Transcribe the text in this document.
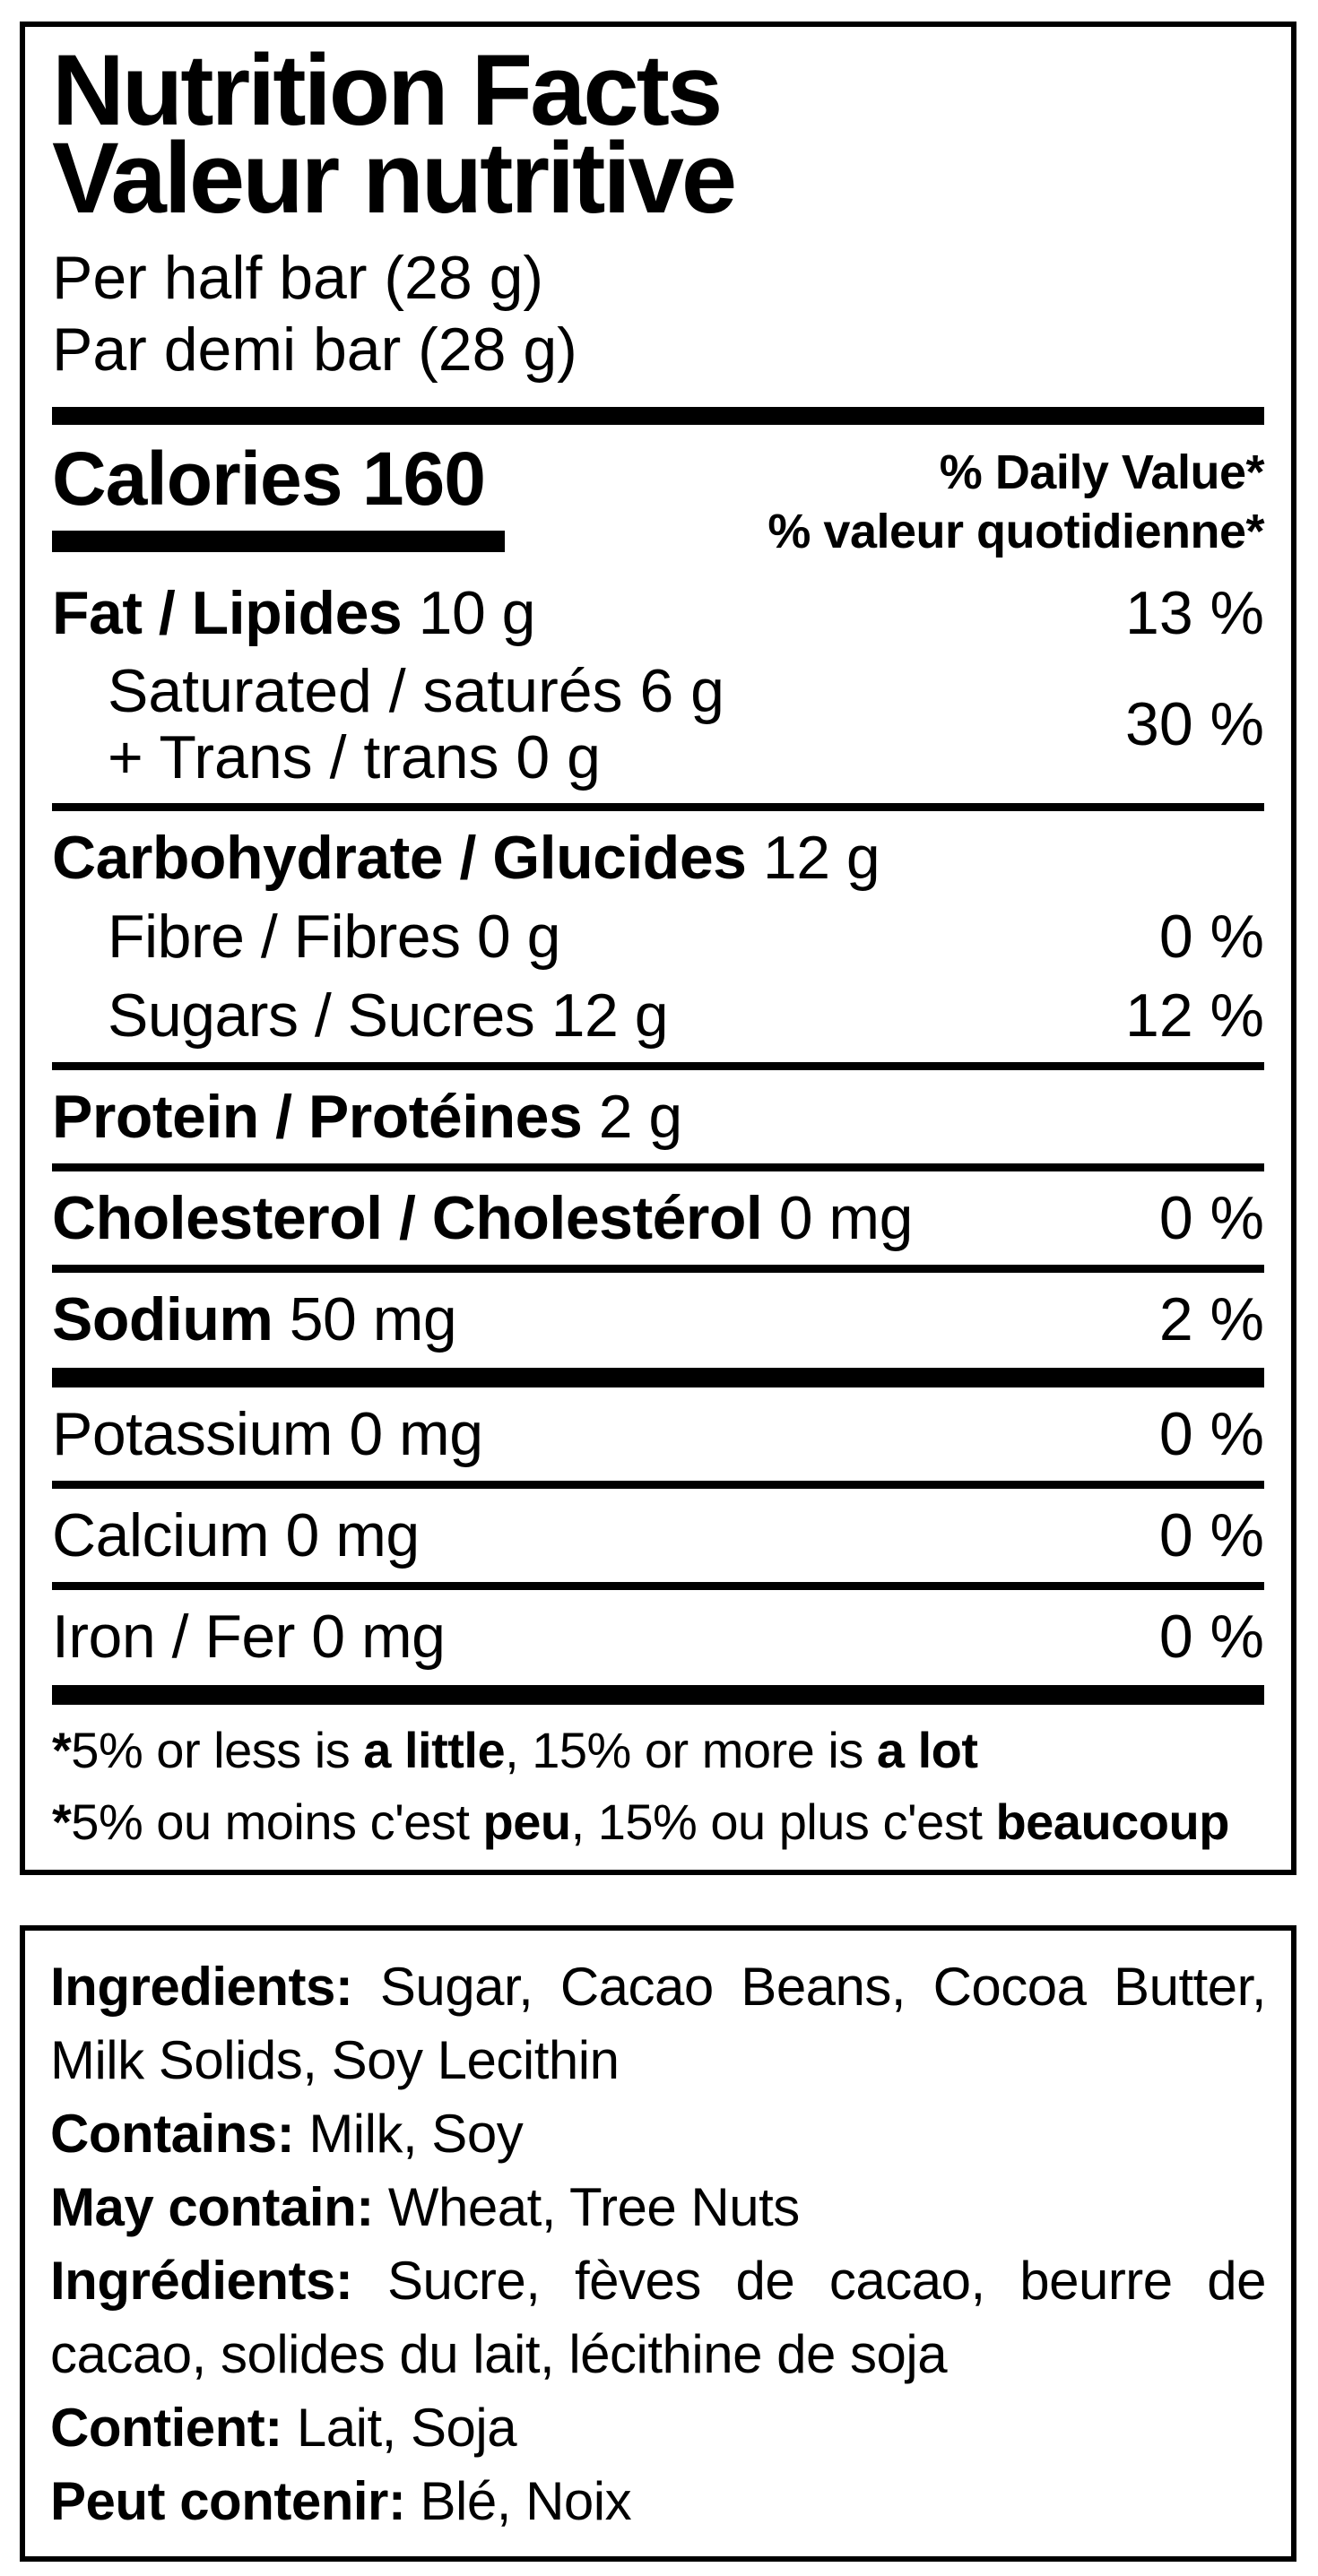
Nutrition Facts
Valeur nutritive
Per half bar (28 g)
Par demi bar (28 g)
Calories 160	% Daily Value*
% valeur quotidienne*
Fat / Lipides 10 g	13 %
Saturated / saturés 6 g
+ Trans / trans 0 g	30 %
Carbohydrate / Glucides 12 g
Fibre / Fibres 0 g	0 %
Sugars / Sucres 12 g	12 %
Protein / Protéines 2 g
Cholesterol / Cholestérol 0 mg	0 %
Sodium 50 mg	2 %
Potassium 0 mg	0 %
Calcium 0 mg	0 %
Iron / Fer 0 mg	0 %
*5% or less is a little, 15% or more is a lot
*5% ou moins c'est peu, 15% ou plus c'est beaucoup

Ingredients: Sugar, Cacao Beans, Cocoa Butter, Milk Solids, Soy Lecithin

Contains: Milk, Soy

May contain: Wheat, Tree Nuts

Ingrédients: Sucre, fèves de cacao, beurre de cacao, solides du lait, lécithine de soja

Contient: Lait, Soja

Peut contenir: Blé, Noix
